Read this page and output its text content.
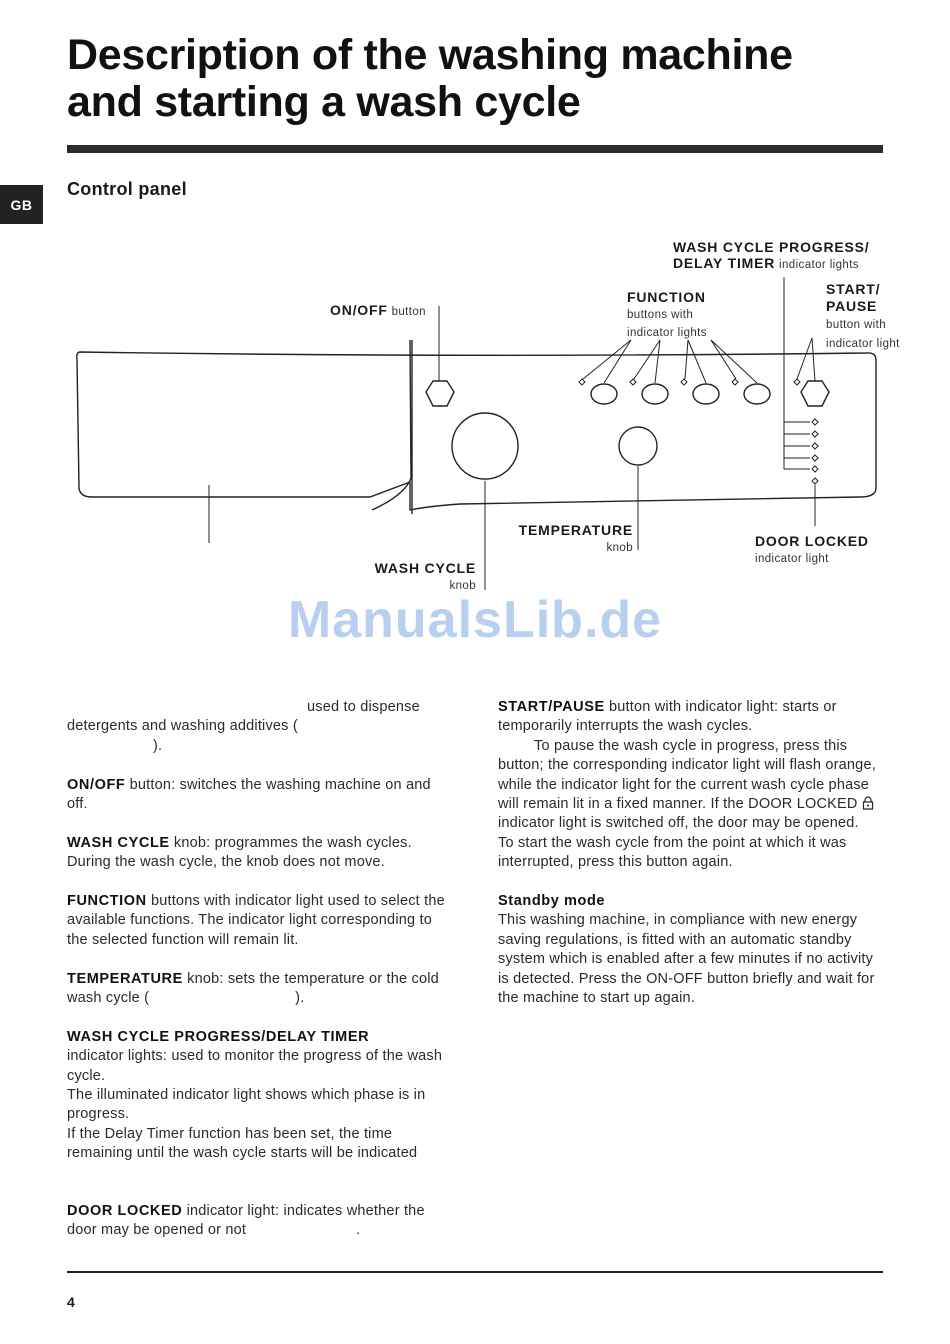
Description of the washing machine
and starting a wash cycle
GB
Control panel
WASH CYCLE PROGRESS/
DELAY TIMER indicator lights
ON/OFF button
FUNCTION
buttons with
indicator lights
START/
PAUSE
button with
indicator light
TEMPERATURE
knob	DOOR LOCKED
indicator light
WASH CYCLE
knob
ManualsLib.de

used to dispense
detergents and washing additives (
).

ON/OFF button: switches the washing machine on and off.

WASH CYCLE knob: programmes the wash cycles. During the wash cycle, the knob does not move.

FUNCTION buttons with indicator light used to select the available functions. The indicator light corresponding to the selected function will remain lit.

TEMPERATURE knob: sets the temperature or the cold wash cycle (	).

WASH CYCLE PROGRESS/DELAY TIMER
indicator lights: used to monitor the progress of the wash cycle.
The illuminated indicator light shows which phase is in progress.
If the Delay Timer function has been set, the time remaining until the wash cycle starts will be indicated

DOOR LOCKED indicator light: indicates whether the door may be opened or not	.

START/PAUSE button with indicator light: starts or temporarily interrupts the wash cycles.

To pause the wash cycle in progress, press this button; the corresponding indicator light will flash orange, while the indicator light for the current wash cycle phase will remain lit in a fixed manner. If the DOOR LOCKED  indicator light is switched off, the door may be opened.

To start the wash cycle from the point at which it was interrupted, press this button again.

Standby mode
This washing machine, in compliance with new energy saving regulations, is fitted with an automatic standby system which is enabled after a few minutes if no activity is detected. Press the ON-OFF button briefly and wait for the machine to start up again.

4
